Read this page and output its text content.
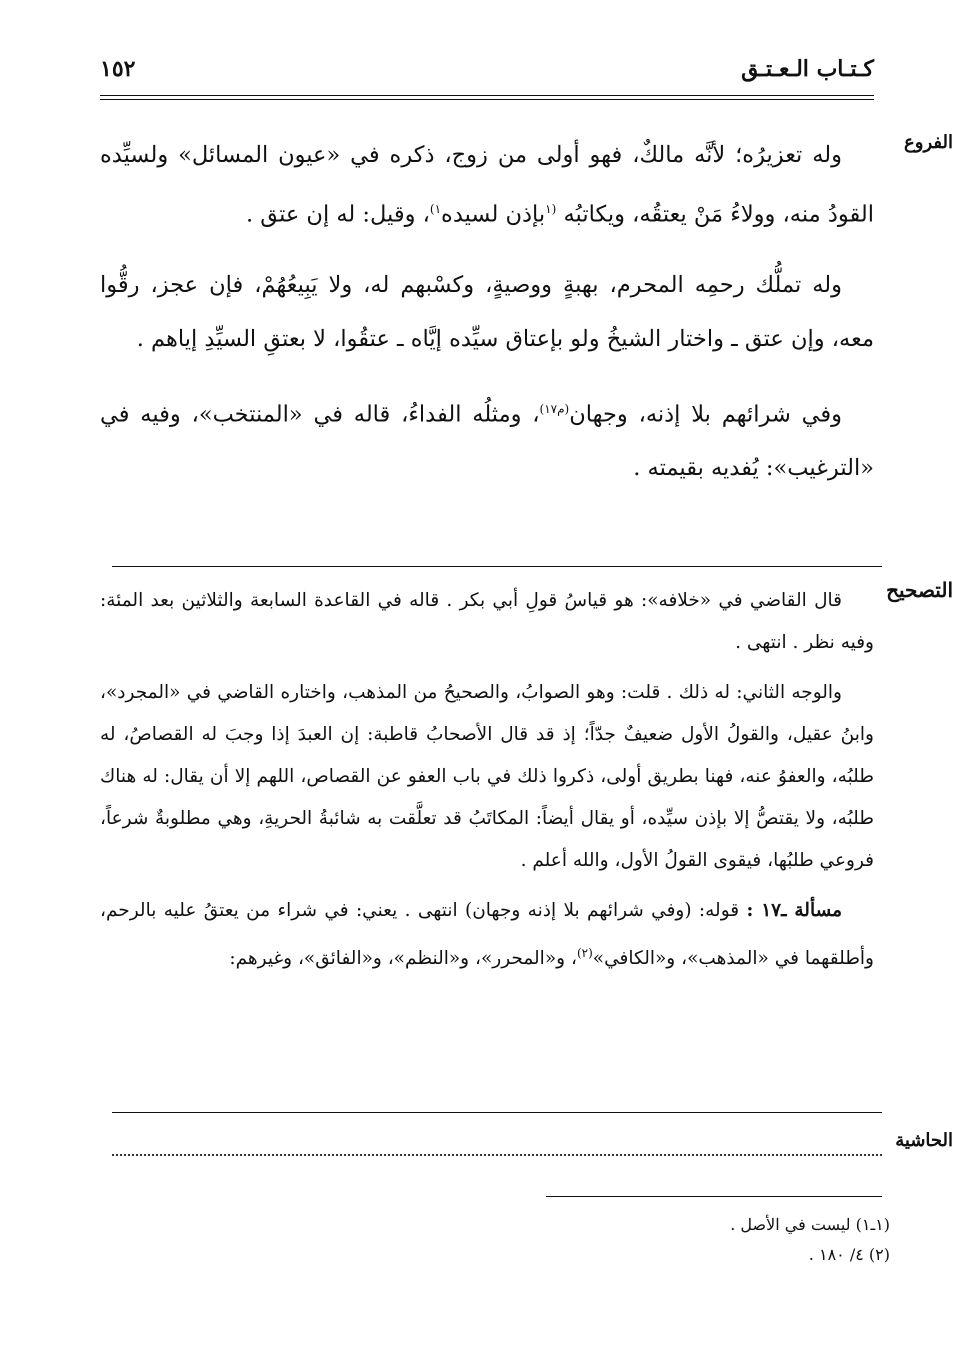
كـتـاب الـعـتـق
١٥٢
الفروع
التصحيح
الحاشية

وله تعزيرُه؛ لأنَّه مالكٌ، فهو أولى من زوج، ذكره في «عيون المسائل» ولسيِّده القودُ منه، وولاءُ مَنْ يعتقُه، ويكاتبُه $^{(١}$بإذن لسيده$^{١)}$، وقيل: له إن عتق .

وله تملُّك رحمِه المحرم، بهبةٍ ووصيةٍ، وكسْبهم له، ولا يَبِيعُهُمْ، فإن عجز، رقُّوا معه، وإن عتق ـ واختار الشيخُ ولو بإعتاق سيِّده إيَّاه ـ عتقُوا، لا بعتقِ السيِّدِ إياهم .

وفي شرائهم بلا إذنه، وجهان$^{(م١٧)}$، ومثلُه الفداءُ، قاله في «المنتخب»، وفيه في «الترغيب»: يُفديه بقيمته .

قال القاضي في «خلافه»: هو قياسُ قولِ أبي بكر . قاله في القاعدة السابعة والثلاثين بعد المئة: وفيه نظر . انتهى .

والوجه الثاني: له ذلك . قلت: وهو الصوابُ، والصحيحُ من المذهب، واختاره القاضي في «المجرد»، وابنُ عقيل، والقولُ الأول ضعيفٌ جدّاً؛ إذ قد قال الأصحابُ قاطبة: إن العبدَ إذا وجبَ له القصاصُ، له طلبُه، والعفوُ عنه، فهنا بطريق أولى، ذكروا ذلك في باب العفو عن القصاص، اللهم إلا أن يقال: له هناك طلبُه، ولا يقتصُّ إلا بإذن سيِّده، أو يقال أيضاً: المكاتَبُ قد تعلَّقت به شائبةُ الحريةِ، وهي مطلوبةٌ شرعاً، فروعي طلبُها، فيقوى القولُ الأول، والله أعلم .

مسألة ـ١٧ : قوله: (وفي شرائهم بلا إذنه وجهان) انتهى . يعني: في شراء من يعتقُ عليه بالرحم، وأطلقهما في «المذهب»، و«الكافي»$^{(٢)}$، و«المحرر»، و«النظم»، و«الفائق»، وغيرهم:

(١ـ١) ليست في الأصل .
(٢) ٤/ ١٨٠ .
